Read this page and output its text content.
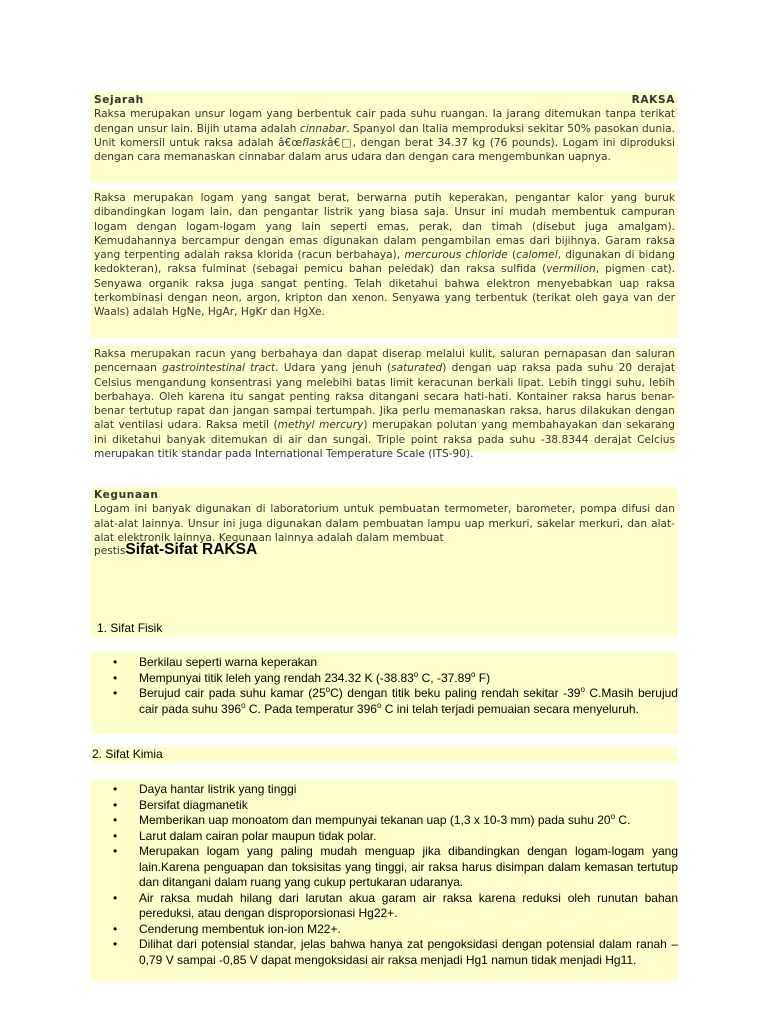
Sejarah	RAKSA

Raksa merupakan unsur logam yang berbentuk cair pada suhu ruangan. Ia jarang ditemukan tanpa terikat dengan unsur lain. Bijih utama adalah cinnabar. Spanyol dan Italia memproduksi sekitar 50% pasokan dunia. Unit komersil untuk raksa adalah â€œflaskâ€□, dengan berat 34.37 kg (76 pounds). Logam ini diproduksi dengan cara memanaskan cinnabar dalam arus udara dan dengan cara mengembunkan uapnya.

Raksa merupakan logam yang sangat berat, berwarna putih keperakan, pengantar kalor yang buruk dibandingkan logam lain, dan pengantar listrik yang biasa saja. Unsur ini mudah membentuk campuran logam dengan logam-logam yang lain seperti emas, perak, dan timah (disebut juga amalgam). Kemudahannya bercampur dengan emas digunakan dalam pengambilan emas dari bijihnya. Garam raksa yang terpenting adalah raksa klorida (racun berbahaya), mercurous chloride (calomel, digunakan di bidang kedokteran), raksa fulminat (sebagai pemicu bahan peledak) dan raksa sulfida (vermilion, pigmen cat). Senyawa organik raksa juga sangat penting. Telah diketahui bahwa elektron menyebabkan uap raksa terkombinasi dengan neon, argon, kripton dan xenon. Senyawa yang terbentuk (terikat oleh gaya van der Waals) adalah HgNe, HgAr, HgKr dan HgXe.

Raksa merupakan racun yang berbahaya dan dapat diserap melalui kulit, saluran pernapasan dan saluran pencernaan gastrointestinal tract. Udara yang jenuh (saturated) dengan uap raksa pada suhu 20 derajat Celsius mengandung konsentrasi yang melebihi batas limit keracunan berkali lipat. Lebih tinggi suhu, lebih berbahaya. Oleh karena itu sangat penting raksa ditangani secara hati-hati. Kontainer raksa harus benar-benar tertutup rapat dan jangan sampai tertumpah. Jika perlu memanaskan raksa, harus dilakukan dengan alat ventilasi udara. Raksa metil (methyl mercury) merupakan polutan yang membahayakan dan sekarang ini diketahui banyak ditemukan di air dan sungai. Triple point raksa pada suhu -38.8344 derajat Celcius merupakan titik standar pada International Temperature Scale (ITS-90).

Kegunaan

Logam ini banyak digunakan di laboratorium untuk pembuatan termometer, barometer, pompa difusi dan alat-alat lainnya. Unsur ini juga digunakan dalam pembuatan lampu uap merkuri, sakelar merkuri, dan alat-alat elektronik lainnya. Kegunaan lainnya adalah dalam membuat

pestisSifat-Sifat RAKSA
1. Sifat Fisik
• Berkilau seperti warna keperakan
• Mempunyai titik leleh yang rendah 234.32 K (-38.83$^o$ C, -37.89$^o$ F)
• Berujud cair pada suhu kamar (25$^o$C) dengan titik beku paling rendah sekitar -39$^o$ C.Masih berujud cair pada suhu 396$^o$ C. Pada temperatur 396$^o$ C ini telah terjadi pemuaian secara menyeluruh.
2. Sifat Kimia
• Daya hantar listrik yang tinggi
• Bersifat diagmanetik
• Memberikan uap monoatom dan mempunyai tekanan uap (1,3 x 10-3 mm) pada suhu 20$^o$ C.
• Larut dalam cairan polar maupun tidak polar.
• Merupakan logam yang paling mudah menguap jika dibandingkan dengan logam-logam yang lain.Karena penguapan dan toksisitas yang tinggi, air raksa harus disimpan dalam kemasan tertutup dan ditangani dalam ruang yang cukup pertukaran udaranya.
• Air raksa mudah hilang dari larutan akua garam air raksa karena reduksi oleh runutan bahan pereduksi, atau dengan disproporsionasi Hg22+.
• Cenderung membentuk ion-ion M22+.
• Dilihat dari potensial standar, jelas bahwa hanya zat pengoksidasi dengan potensial dalam ranah – 0,79 V sampai -0,85 V dapat mengoksidasi air raksa menjadi Hg1 namun tidak menjadi Hg11.
